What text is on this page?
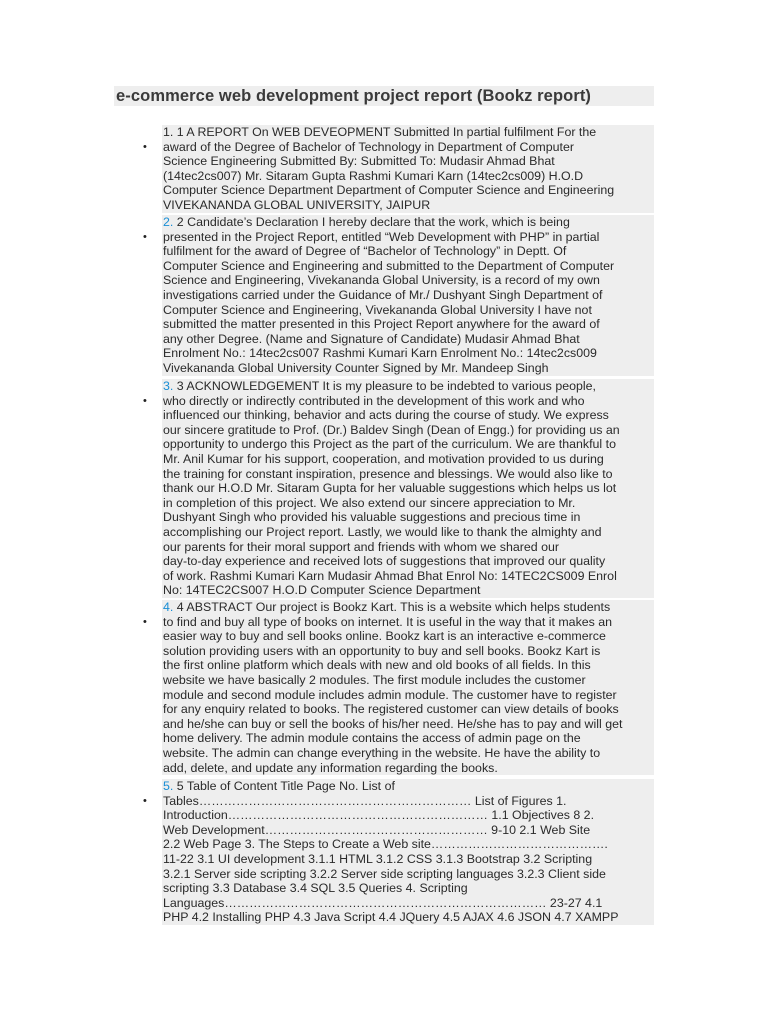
e-commerce web development project report (Bookz report)
•
1. 1 A REPORT On WEB DEVEOPMENT Submitted In partial fulfilment For the
award of the Degree of Bachelor of Technology in Department of Computer
Science Engineering Submitted By: Submitted To: Mudasir Ahmad Bhat
(14tec2cs007) Mr. Sitaram Gupta Rashmi Kumari Karn (14tec2cs009) H.O.D
Computer Science Department Department of Computer Science and Engineering
VIVEKANANDA GLOBAL UNIVERSITY, JAIPUR
•
2. 2 Candidate’s Declaration I hereby declare that the work, which is being
presented in the Project Report, entitled “Web Development with PHP” in partial
fulfilment for the award of Degree of “Bachelor of Technology” in Deptt. Of
Computer Science and Engineering and submitted to the Department of Computer
Science and Engineering, Vivekananda Global University, is a record of my own
investigations carried under the Guidance of Mr./ Dushyant Singh Department of
Computer Science and Engineering, Vivekananda Global University I have not
submitted the matter presented in this Project Report anywhere for the award of
any other Degree. (Name and Signature of Candidate) Mudasir Ahmad Bhat
Enrolment No.: 14tec2cs007 Rashmi Kumari Karn Enrolment No.: 14tec2cs009
Vivekananda Global University Counter Signed by Mr. Mandeep Singh
•
3. 3 ACKNOWLEDGEMENT It is my pleasure to be indebted to various people,
who directly or indirectly contributed in the development of this work and who
influenced our thinking, behavior and acts during the course of study. We express
our sincere gratitude to Prof. (Dr.) Baldev Singh (Dean of Engg.) for providing us an
opportunity to undergo this Project as the part of the curriculum. We are thankful to
Mr. Anil Kumar for his support, cooperation, and motivation provided to us during
the training for constant inspiration, presence and blessings. We would also like to
thank our H.O.D Mr. Sitaram Gupta for her valuable suggestions which helps us lot
in completion of this project. We also extend our sincere appreciation to Mr.
Dushyant Singh who provided his valuable suggestions and precious time in
accomplishing our Project report. Lastly, we would like to thank the almighty and
our parents for their moral support and friends with whom we shared our
day-to-day experience and received lots of suggestions that improved our quality
of work. Rashmi Kumari Karn Mudasir Ahmad Bhat Enrol No: 14TEC2CS009 Enrol
No: 14TEC2CS007 H.O.D Computer Science Department
•
4. 4 ABSTRACT Our project is Bookz Kart. This is a website which helps students
to find and buy all type of books on internet. It is useful in the way that it makes an
easier way to buy and sell books online. Bookz kart is an interactive e-commerce
solution providing users with an opportunity to buy and sell books. Bookz Kart is
the first online platform which deals with new and old books of all fields. In this
website we have basically 2 modules. The first module includes the customer
module and second module includes admin module. The customer have to register
for any enquiry related to books. The registered customer can view details of books
and he/she can buy or sell the books of his/her need. He/she has to pay and will get
home delivery. The admin module contains the access of admin page on the
website. The admin can change everything in the website. He have the ability to
add, delete, and update any information regarding the books.
•
5. 5 Table of Content Title Page No. List of
Tables………………………………………………………… List of Figures 1.
Introduction……………………………………………………… 1.1 Objectives 8 2.
Web Development……………………………………………… 9-10 2.1 Web Site
2.2 Web Page 3. The Steps to Create a Web site…………………………………….
11-22 3.1 UI development 3.1.1 HTML 3.1.2 CSS 3.1.3 Bootstrap 3.2 Scripting
3.2.1 Server side scripting 3.2.2 Server side scripting languages 3.2.3 Client side
scripting 3.3 Database 3.4 SQL 3.5 Queries 4. Scripting
Languages…………………………………………………………………… 23-27 4.1
PHP 4.2 Installing PHP 4.3 Java Script 4.4 JQuery 4.5 AJAX 4.6 JSON 4.7 XAMPP
